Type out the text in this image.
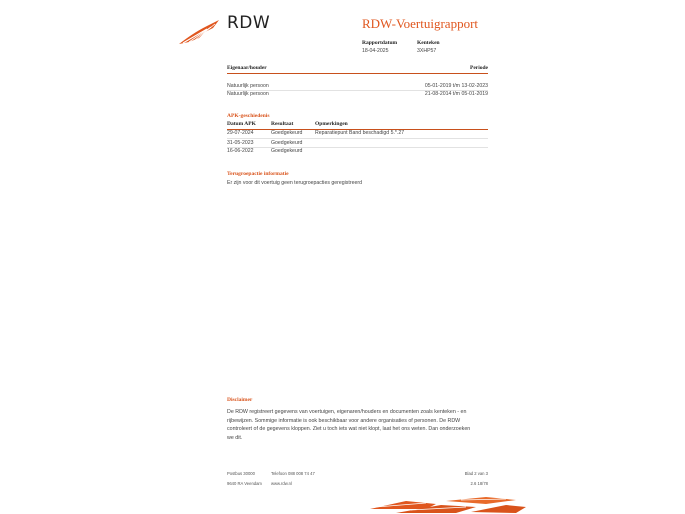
RDW	RDW-Voertuigrapport
Rapportdatum
18-04-2025
Kenteken
3XHP57
Eigenaar/houder	Periode
Natuurlijk persoon	05-01-2019 t/m 13-02-2023
Natuurlijk persoon	21-08-2014 t/m 05-01-2019
APK-geschiedenis
Datum APK	Resultaat	Opmerkingen
29-07-2024	Goedgekeurd Reparatiepunt Band beschadigd 5.*.27
31-05-2023	Goedgekeurd
16-06-2022	Goedgekeurd
Terugroepactie informatie
Er zijn voor dit voertuig geen terugroepacties geregistreerd
Disclaimer
De RDW registreert gegevens van voertuigen, eigenaren/houders en documenten zoals kenteken - en
rijbewijzen. Sommige informatie is ook beschikbaar voor andere organisaties of personen. De RDW
controleert of de gegevens kloppen. Ziet u toch iets wat niet klopt, laat het ons weten. Dan onderzoeken
we dit.
Postbus 30000
9640 RA Veendam
Telefoon 088 008 74 47
www.rdw.nl
Blad 2 van 3
2.6 18/78
